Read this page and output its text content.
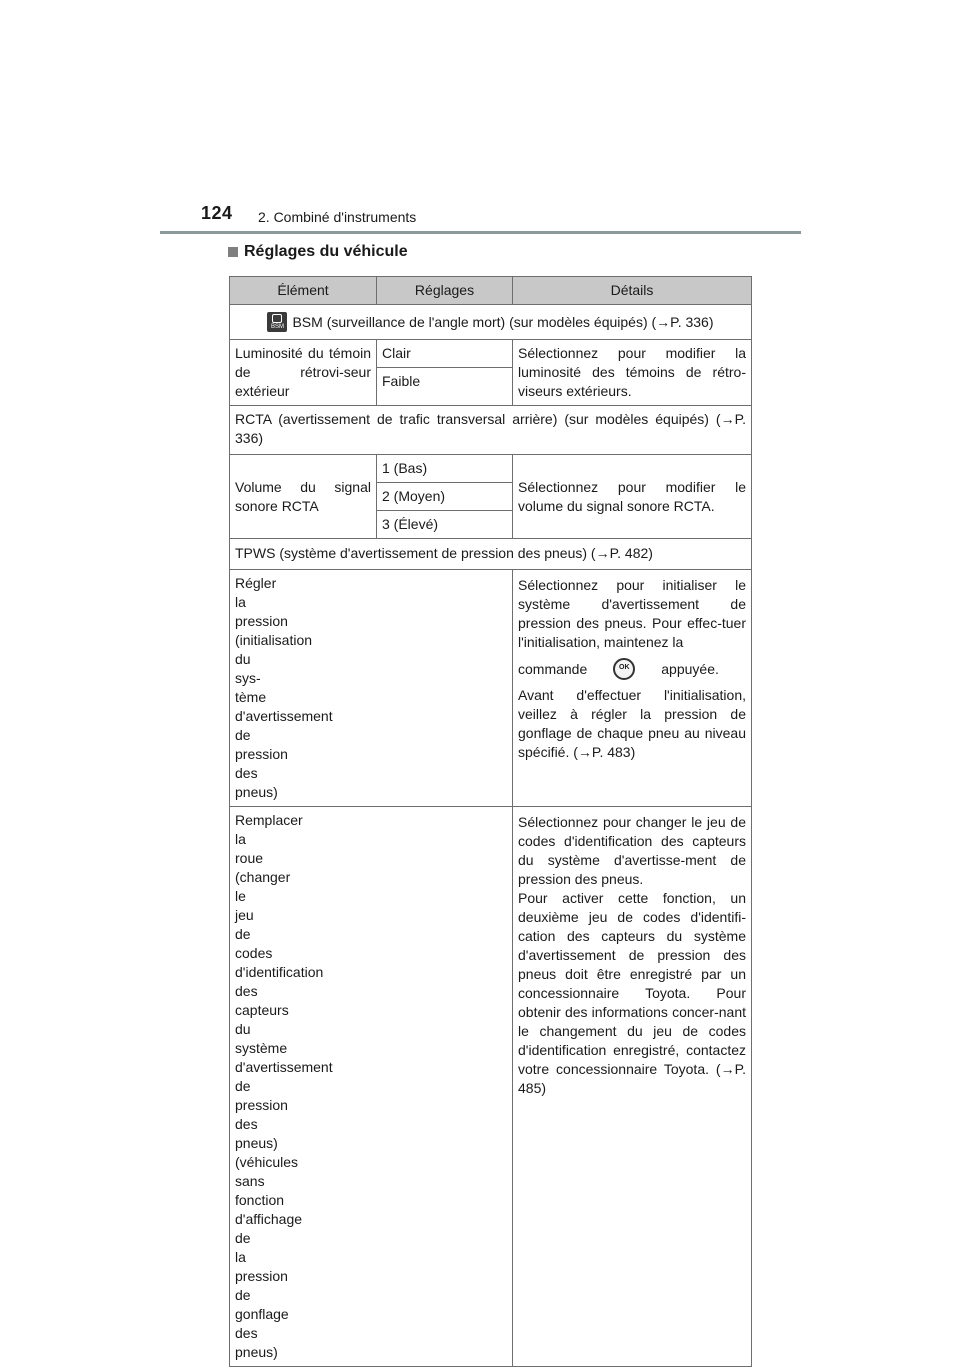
124 2. Combiné d'instruments
Réglages du véhicule
Élément	Réglages	Détails

BSM BSM (surveillance de l'angle mort) (sur modèles équipés) (→P. 336)		
Luminosité du témoin de rétrovi-seur extérieur	Clair	Sélectionnez pour modifier la luminosité des témoins de rétro-viseurs extérieurs.
	Faible	
RCTA (avertissement de trafic transversal arrière) (sur modèles équipés) (→P. 336)		
Volume du signal sonore RCTA	1 (Bas)	Sélectionnez pour modifier le volume du signal sonore RCTA.
	2 (Moyen)	
	3 (Élevé)	
TPWS (système d'avertissement de pression des pneus) (→P. 482)		
Régler la pression (initialisation du sys-tème d'avertissement de pression des pneus)		Sélectionnez pour initialiser le système d'avertissement de pression des pneus. Pour effec-tuer l'initialisation, maintenez la

commande OK appuyée.

Avant d'effectuer l'initialisation, veillez à régler la pression de gonflage de chaque pneu au niveau spécifié. (→P. 483)

Remplacer la roue (changer le jeu de codes d'identification des capteurs du système d'avertissement de pression des pneus) (véhicules sans fonction d'affichage de la pression de gonflage des pneus)		Sélectionnez pour changer le jeu de codes d'identification des capteurs du système d'avertisse-ment de pression des pneus.

Pour activer cette fonction, un deuxième jeu de codes d'identifi-cation des capteurs du système d'avertissement de pression des pneus doit être enregistré par un concessionnaire Toyota. Pour obtenir des informations concer-nant le changement du jeu de codes d'identification enregistré, contactez votre concessionnaire Toyota. (→P. 485)
